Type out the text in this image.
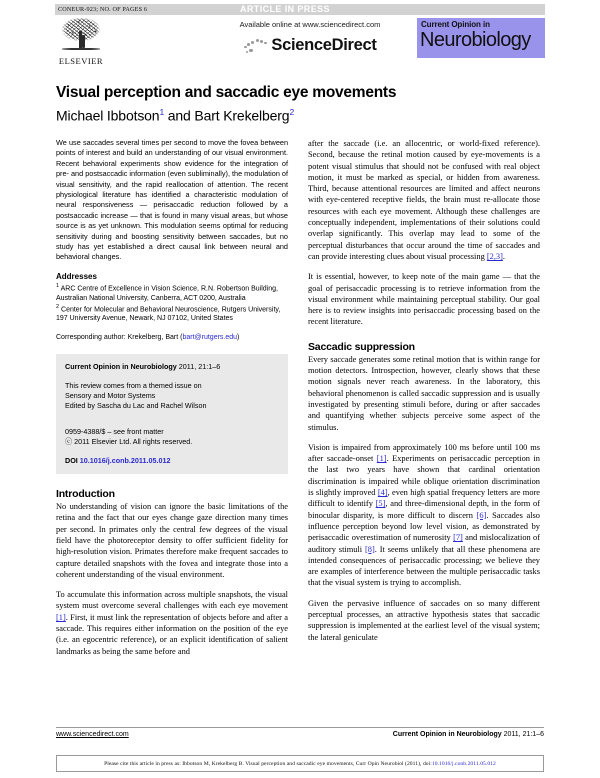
CONEUR-923; NO. OF PAGES 6	ARTICLE IN PRESS
ELSEVIER
Available online at www.sciencedirect.com
ScienceDirect
Current Opinion in
Neurobiology
Visual perception and saccadic eye movements

Michael Ibbotson$^1$ and Bart Krekelberg$^2$

We use saccades several times per second to move the fovea between points of interest and build an understanding of our visual environment. Recent behavioral experiments show evidence for the integration of pre- and postsaccadic information (even subliminally), the modulation of visual sensitivity, and the rapid reallocation of attention. The recent physiological literature has identified a characteristic modulation of neural responsiveness — perisaccadic reduction followed by a postsaccadic increase — that is found in many visual areas, but whose source is as yet unknown. This modulation seems optimal for reducing sensitivity during and boosting sensitivity between saccades, but no study has yet established a direct causal link between neural and behavioral changes.

Addresses

$^1$ ARC Centre of Excellence in Vision Science, R.N. Robertson Building, Australian National University, Canberra, ACT 0200, Australia

$^2$ Center for Molecular and Behavioral Neuroscience, Rutgers University, 197 University Avenue, Newark, NJ 07102, United States

Corresponding author: Krekelberg, Bart (bart@rutgers.edu)

Current Opinion in Neurobiology 2011, 21:1–6

This review comes from a themed issue on

Sensory and Motor Systems

Edited by Sascha du Lac and Rachel Wilson

0959-4388/$ – see front matter

ⓒ 2011 Elsevier Ltd. All rights reserved.

DOI 10.1016/j.conb.2011.05.012

Introduction

No understanding of vision can ignore the basic limitations of the retina and the fact that our eyes change gaze direction many times per second. In primates only the central few degrees of the visual field have the photoreceptor density to offer sufficient fidelity for high-resolution vision. Primates therefore make frequent saccades to capture detailed snapshots with the fovea and integrate those into a coherent understanding of the visual environment.

To accumulate this information across multiple snapshots, the visual system must overcome several challenges with each eye movement [1]. First, it must link the representation of objects before and after a saccade. This requires either information on the position of the eye (i.e. an egocentric reference), or an explicit identification of salient landmarks as being the same before and

after the saccade (i.e. an allocentric, or world-fixed reference). Second, because the retinal motion caused by eye-movements is a potent visual stimulus that should not be confused with real object motion, it must be marked as special, or hidden from awareness. Third, because attentional resources are limited and affect neurons with eye-centered receptive fields, the brain must re-allocate those resources with each eye movement. Although these challenges are conceptually independent, implementations of their solutions could overlap significantly. This overlap may lead to some of the perceptual disturbances that occur around the time of saccades and can provide interesting clues about visual processing [2,3].

It is essential, however, to keep note of the main game — that the goal of perisaccadic processing is to retrieve information from the visual environment while maintaining perceptual stability. Our goal here is to review insights into perisaccadic processing based on the recent literature.

Saccadic suppression

Every saccade generates some retinal motion that is within range for motion detectors. Introspection, however, clearly shows that these motion signals never reach awareness. In the laboratory, this behavioral phenomenon is called saccadic suppression and is usually investigated by presenting stimuli before, during or after saccades and quantifying whether subjects perceive some aspect of the stimulus.

Vision is impaired from approximately 100 ms before until 100 ms after saccade-onset [1]. Experiments on perisaccadic perception in the last two years have shown that cardinal orientation discrimination is impaired while oblique orientation discrimination is slightly improved [4], even high spatial frequency letters are more difficult to identify [5], and three-dimensional depth, in the form of binocular disparity, is more difficult to discern [6]. Saccades also influence perception beyond low level vision, as demonstrated by perisaccadic overestimation of numerosity [7] and mislocalization of auditory stimuli [8]. It seems unlikely that all these phenomena are intended consequences of perisaccadic processing; we believe they are examples of interference between the multiple perisaccadic tasks that the visual system is trying to accomplish.

Given the pervasive influence of saccades on so many different perceptual processes, an attractive hypothesis states that saccadic suppression is implemented at the earliest level of the visual system; the lateral geniculate

www.sciencedirect.com	Current Opinion in Neurobiology 2011, 21:1–6
Please cite this article in press as: Ibbotson M, Krekelberg B. Visual perception and saccadic eye movements, Curr Opin Neurobiol (2011), doi:10.1016/j.conb.2011.05.012
